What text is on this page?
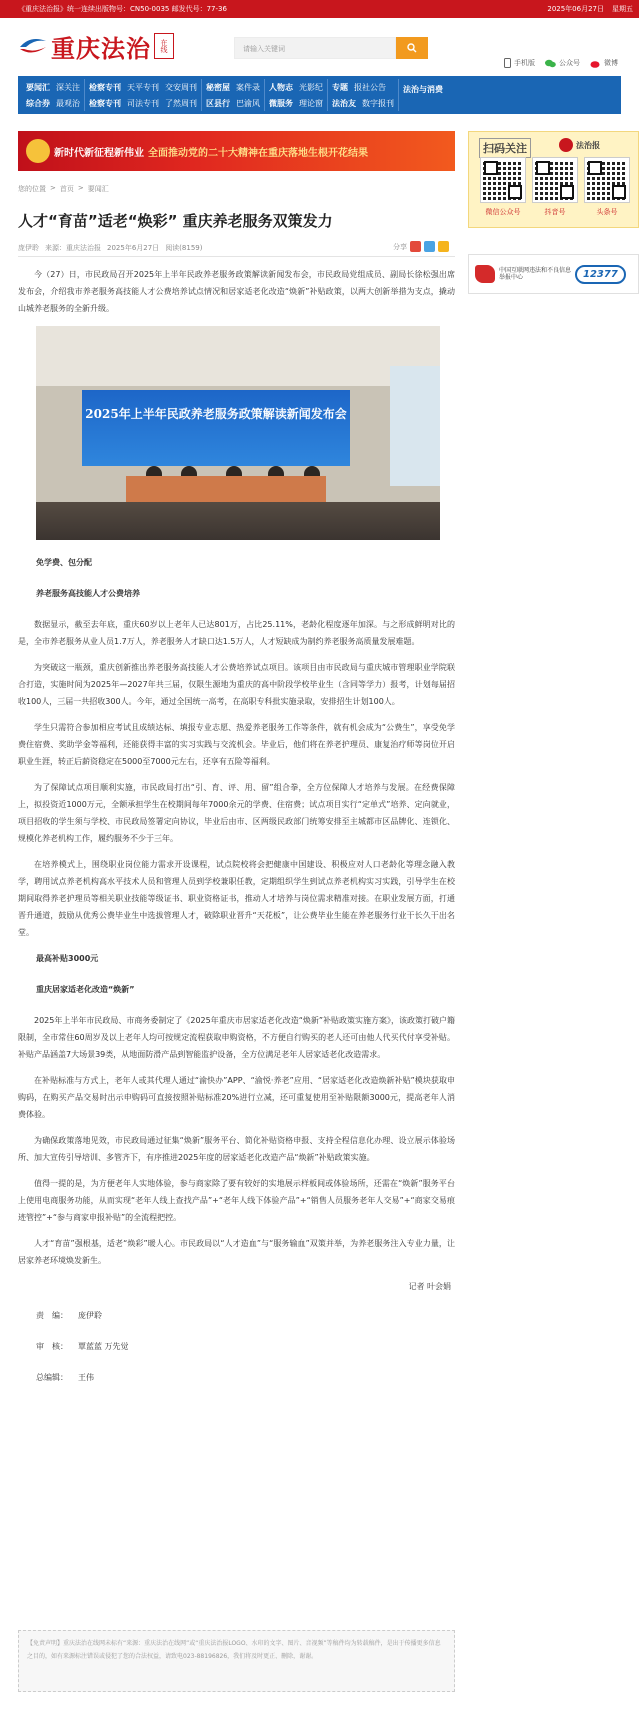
《重庆法治报》统一连续出版物号：CN50-0035 邮发代号：77-36	2025年06月27日 星期五
重庆法治	在线	请输入关键词
手机版	公众号	微博
要闻汇 深关注
综合券 最观治
检察专刊 天平专刊 交安周刊
检察专刊 司法专刊 了然周刊
秘密屋 案件录
区县行 巴渝风
人物志 光影纪
微服务 理论窗
专题 报社公告
法治友 数字报刊
法治与消费
新时代新征程新伟业 全面推动党的二十大精神在重庆落地生根开花结果	扫码关注	法治报
微信公众号	抖音号	头条号
中国互联网违法和不良信息举报中心	12377
您的位置 > 首页 > 要闻汇
人才“育苗”适老“焕彩” 重庆养老服务双策发力
庞伊聆 来源：重庆法治报 2025年6月27日 阅读(8159)	分享

今（27）日，市民政局召开2025年上半年民政养老服务政策解读新闻发布会，市民政局党组成员、副局长徐松强出席发布会，介绍我市养老服务高技能人才公费培养试点情况和居家适老化改造“焕新”补贴政策，以两大创新举措为支点，撬动山城养老服务的全新升级。

2025年上半年民政养老服务政策解读新闻发布会
免学费、包分配
养老服务高技能人才公费培养

数据显示，截至去年底，重庆60岁以上老年人已达801万，占比25.11%，老龄化程度逐年加深。与之形成鲜明对比的是，全市养老服务从业人员1.7万人，养老服务人才缺口达1.5万人，人才短缺成为制约养老服务高质量发展难题。

为突破这一瓶颈，重庆创新推出养老服务高技能人才公费培养试点项目。该项目由市民政局与重庆城市管理职业学院联合打造，实施时间为2025年—2027年共三届，仅限生源地为重庆的高中阶段学校毕业生（含同等学力）报考，计划每届招收100人，三届一共招收300人。今年，通过全国统一高考，在高职专科批实施录取，安排招生计划100人。

学生只需符合参加相应考试且成绩达标、填报专业志愿、热爱养老服务工作等条件，就有机会成为“公费生”，享受免学费住宿费、奖助学金等福利，还能获得丰富的实习实践与交流机会。毕业后，他们将在养老护理员、康复治疗师等岗位开启职业生涯，转正后薪资稳定在5000至7000元左右，还享有五险等福利。

为了保障试点项目顺利实施，市民政局打出“引、育、评、用、留”组合拳，全方位保障人才培养与发展。在经费保障上，拟投资近1000万元，全额承担学生在校期间每年7000余元的学费、住宿费；试点项目实行“定单式”培养、定向就业，项目招收的学生须与学校、市民政局签署定向协议，毕业后由市、区两级民政部门统筹安排至主城都市区品牌化、连锁化、规模化养老机构工作，履约服务不少于三年。

在培养模式上，围绕职业岗位能力需求开设课程，试点院校将会把健康中国建设、积极应对人口老龄化等理念融入教学，聘用试点养老机构高水平技术人员和管理人员到学校兼职任教，定期组织学生到试点养老机构实习实践，引导学生在校期间取得养老护理员等相关职业技能等级证书、职业资格证书，推动人才培养与岗位需求精准对接。在职业发展方面，打通晋升通道，鼓励从优秀公费毕业生中选拔管理人才，破除职业晋升“天花板”，让公费毕业生能在养老服务行业干长久干出名堂。

最高补贴3000元
重庆居家适老化改造“焕新”

2025年上半年市民政局、市商务委制定了《2025年重庆市居家适老化改造“焕新”补贴政策实施方案》，该政策打破户籍限制，全市常住60周岁及以上老年人均可按规定流程获取申购资格，不方便自行购买的老人还可由他人代买代付享受补贴。补贴产品涵盖7大场景39类，从地面防滑产品到智能监护设备，全方位满足老年人居家适老化改造需求。

在补贴标准与方式上，老年人或其代理人通过“渝快办”APP、“渝悦·养老”应用、“居家适老化改造焕新补贴”模块获取申购码，在购买产品交易时出示申购码可直接按照补贴标准20%进行立减，还可重复使用至补贴限额3000元，提高老年人消费体验。

为确保政策落地见效，市民政局通过征集“焕新”服务平台、简化补贴资格申报、支持全程信息化办理、设立展示体验场所、加大宣传引导培训、多管齐下，有序推进2025年度的居家适老化改造产品“焕新”补贴政策实施。

值得一提的是，为方便老年人实地体验，参与商家除了要有较好的实地展示样板间或体验场所，还需在“焕新”服务平台上使用电商服务功能，从而实现“老年人线上查找产品”+“老年人线下体验产品”+“销售人员服务老年人交易”+“商家交易痕迹管控”+“参与商家申报补贴”的全流程把控。

人才“育苗”强根基，适老“焕彩”暖人心。市民政局以“人才造血”与“服务输血”双策并举，为养老服务注入专业力量，让居家养老环境焕发新生。

记者 叶会娟
责　编： 庞伊聆
审　核： 覃蓝蓝 万先觉
总编辑： 王伟
【免责声明】重庆法治在线网未标有“来源：重庆法治在线网”或“重庆法治报LOGO、水印的文字、图片、音视频”等稿件均为转载稿件，是出于传播更多信息之目的，如有来源标注错误或侵犯了您的合法权益，请致电023-88196826，我们将及时更正、删除，谢谢。
